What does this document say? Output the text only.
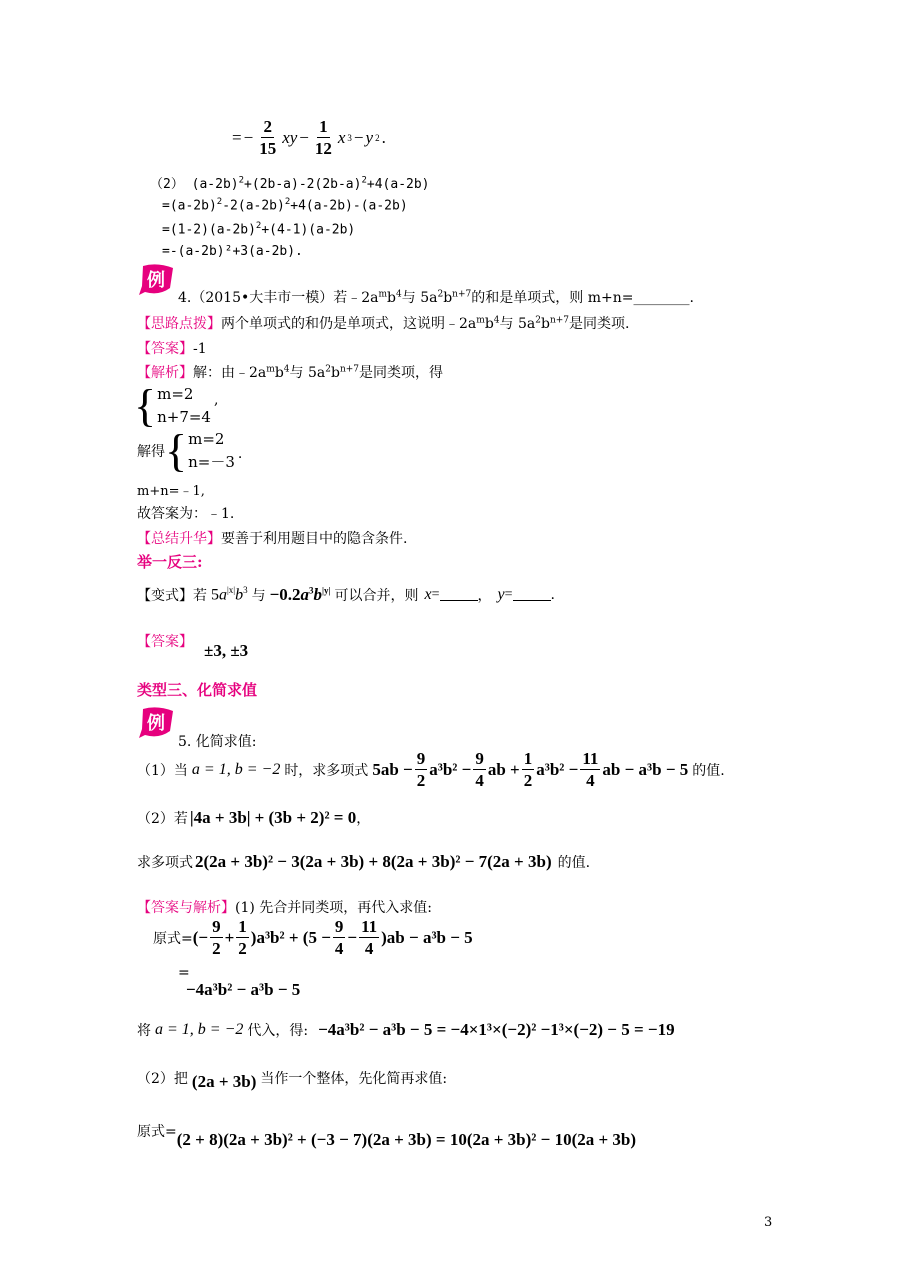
= − $\frac{2}{15}$ xy − $\frac{1}{12}$ x 3 − y 2 .
（2） $(a-2b)^2+(2b-a)-2(2b-a)^2+4(a-2b)$
$=(a-2b)^2-2(a-2b)^2+4(a-2b)-(a-2b)$
$=(1-2)(a-2b)^2+(4-1)(a-2b)$
=-(a-2b)²+3(a-2b).
例
4.（2015•大丰市一模）若$﹣2a^mb^4$与 $5a^2b^{n+7}$的和是单项式，则 m+n=________.
【思路点拨】两个单项式的和仍是单项式，这说明$﹣2a^mb^4$与 $5a^2b^{n+7}$是同类项.
【答案】-1
【解析】解：由$﹣2a^mb^4$与 $5a^2b^{n+7}$是同类项，得
{ m=2
n+7=4
,
解得 { m=2
n=－3 .
m+n=﹣1,
故答案为：﹣1.
【总结升华】要善于利用题目中的隐含条件.
举一反三:
【变式】 若 $5a^{|x|}b^3$ 与 $-0.2a^3b^{|y|}$ 可以合并，则 x =	， y =	.
【答案】 ±3, ±3
类型三、化简求值
例
5. 化简求值:
（1）当 a = 1, b = −2 时，求多项式 $5ab - \frac{9}{2} a^3b^2 - \frac{9}{4}$ ab + $\frac{1}{2} a^3b^2 - \frac{11}{4}$ ab − a³b − 5 的值.
（2）若 |4a + 3b| + (3b + 2)² = 0 ，
求多项式 2(2a + 3b)² − 3(2a + 3b) + 8(2a + 3b)² − 7(2a + 3b) 的值.
【答案与解析】(1) 先合并同类项，再代入求值:
原式= (− $\frac{9}{2} + \frac{1}{2} )a^3b^2 + (5 - \frac{9}{4} - \frac{11}{4} )ab - a^3b - 5$
=
−4a³b² − a³b − 5
将 a = 1, b = −2 代入，得: −4a³b² − a³b − 5 = −4×1³×(−2)² −1³×(−2) − 5 = −19
（2）把 (2a + 3b) 当作一个整体，先化简再求值:
原式= (2 + 8)(2a + 3b)² + (−3 − 7)(2a + 3b) = 10(2a + 3b)² − 10(2a + 3b)
3
